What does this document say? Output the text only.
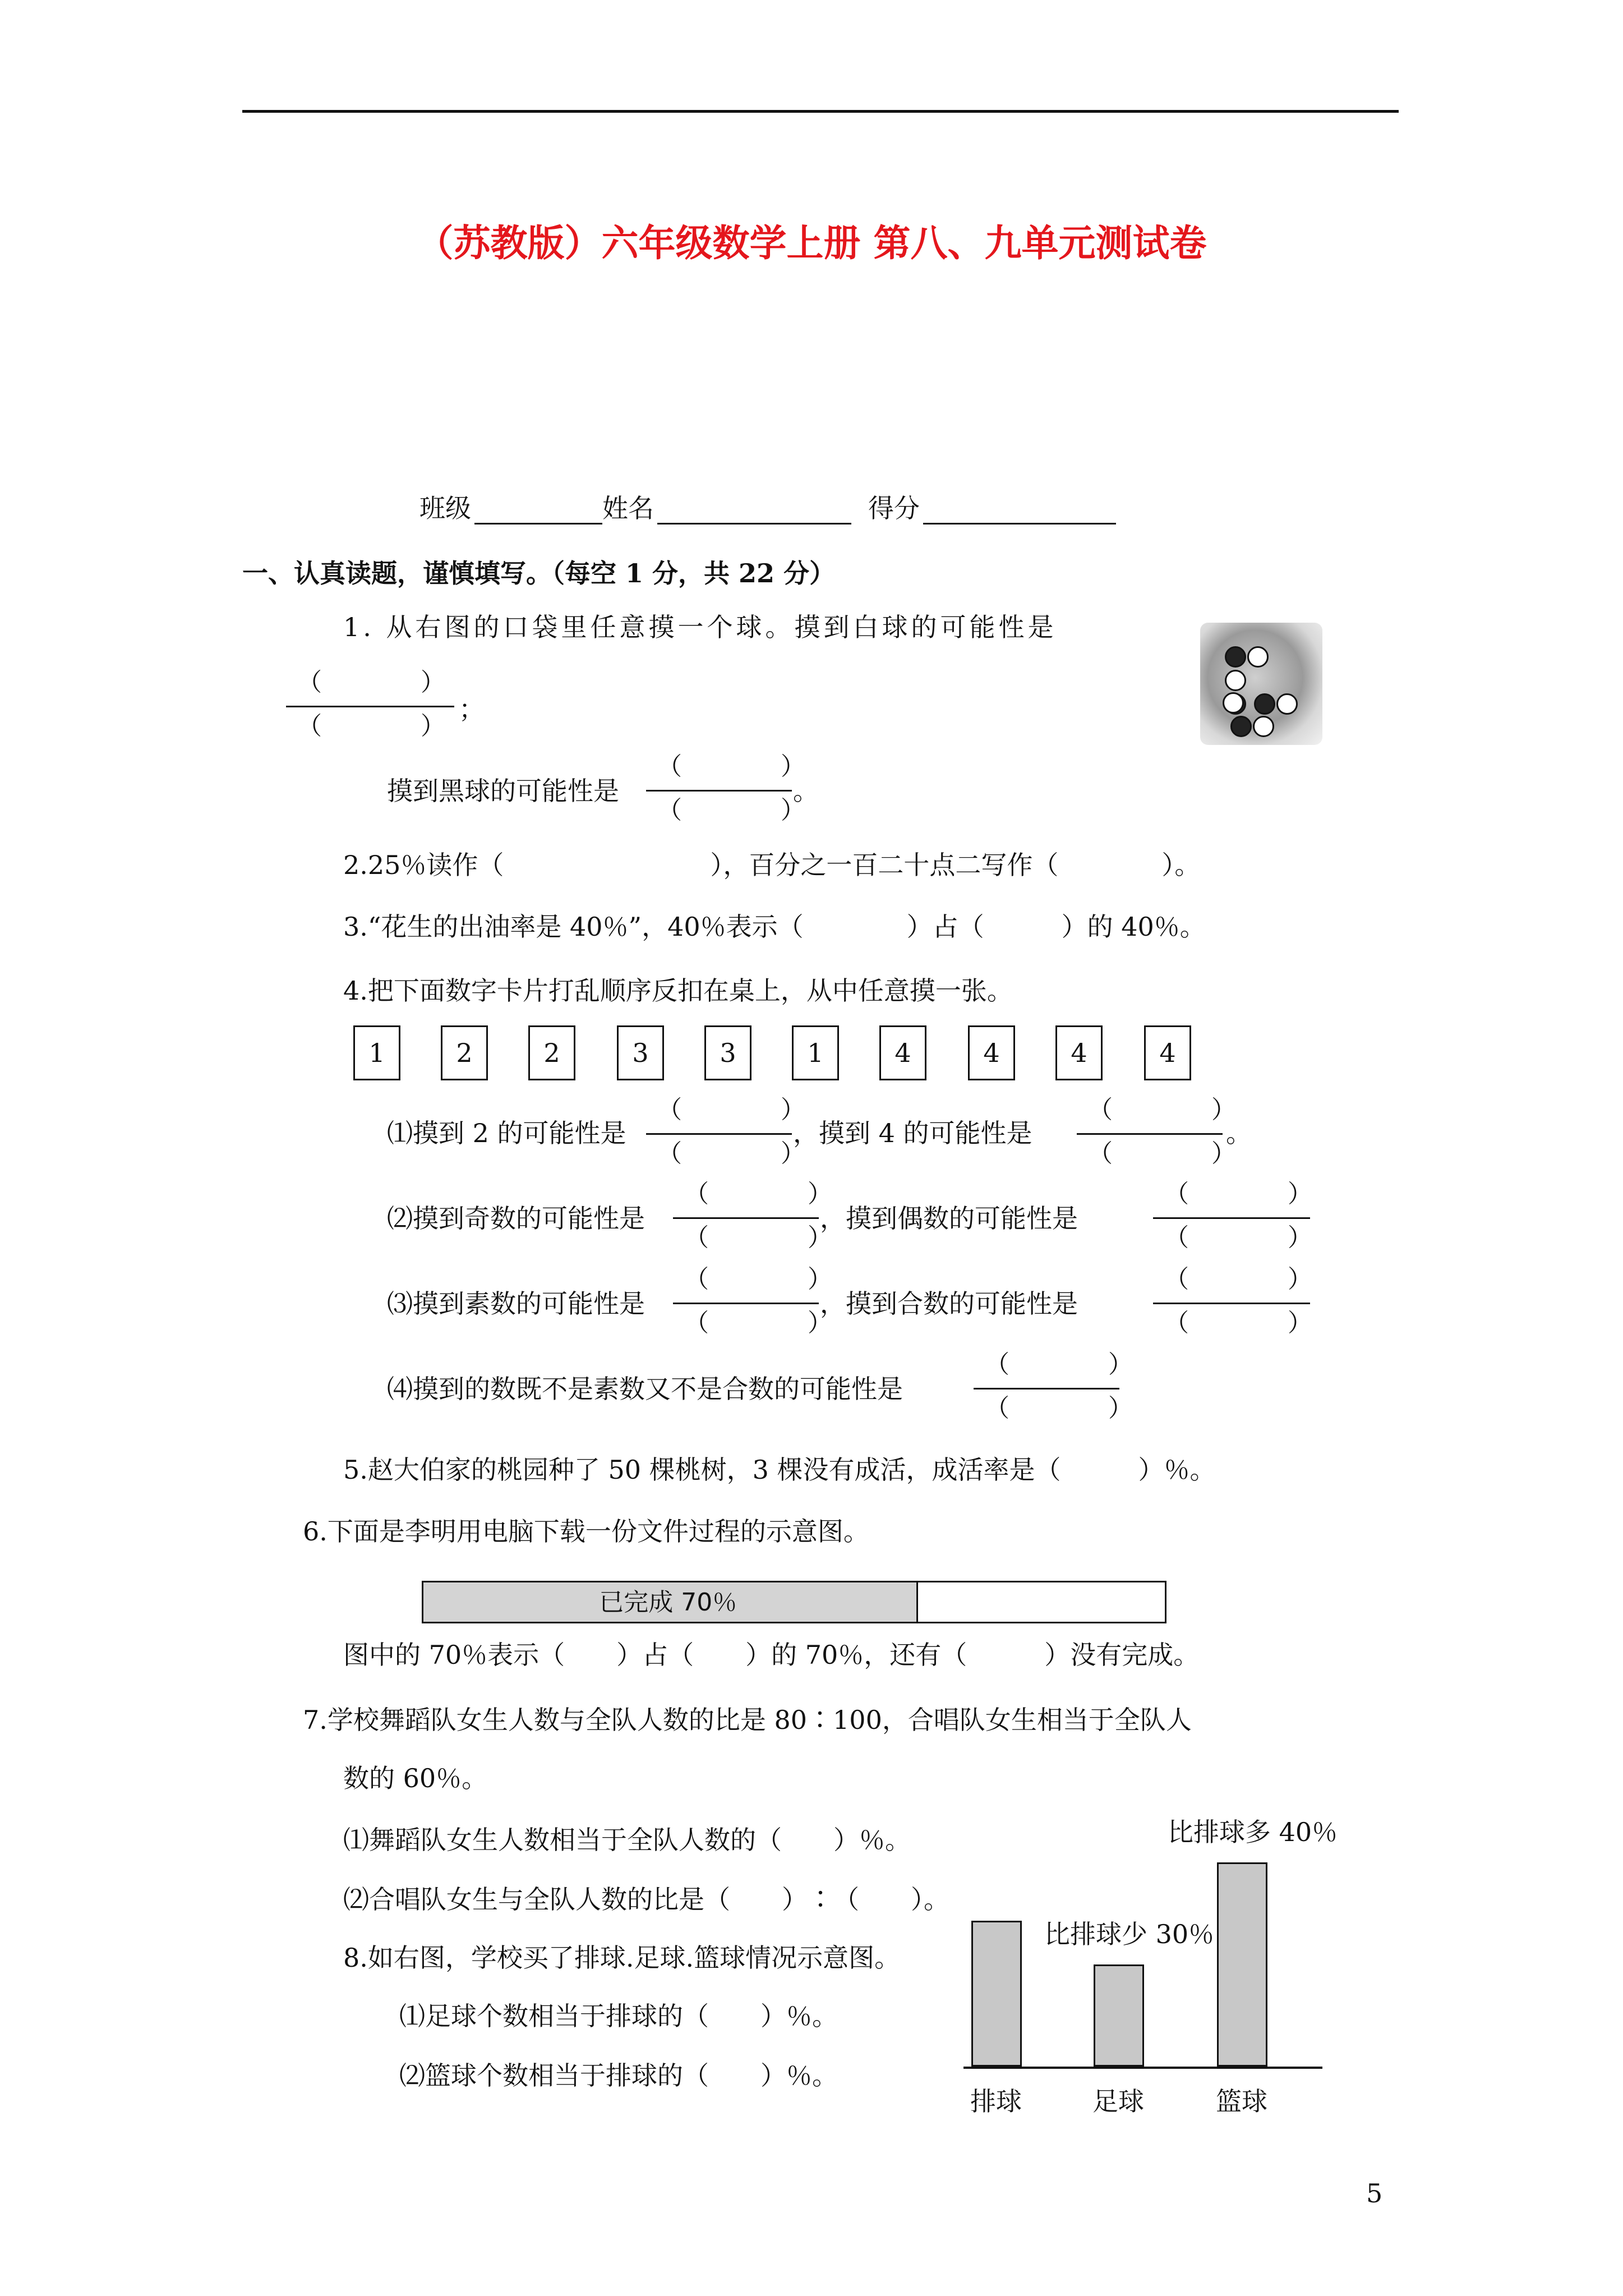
（苏教版）六年级数学上册 第八、九单元测试卷
班级	姓名	得分
一、认真读题，谨慎填写。（每空 1 分，共 22 分）
1. 从右图的口袋里任意摸一个球。摸到白球的可能性是
（　　　　）
（　　　　）
；
摸到黑球的可能性是
（　　　　）
（　　　　）
。
2.25％读作（　　　　　　　　），百分之一百二十点二写作（　　　　）。
3.“花生的出油率是 40％”，40％表示（　　　　）占（　　　）的 40％。
4.把下面数字卡片打乱顺序反扣在桌上，从中任意摸一张。
1	2	2	3	3	1	4	4	4	4
⑴摸到 2 的可能性是
（　　　　）
（　　　　）
，摸到 4 的可能性是
（　　　　）
（　　　　）
。
⑵摸到奇数的可能性是
（　　　　）
（　　　　）
，摸到偶数的可能性是
（　　　　）
（　　　　）
⑶摸到素数的可能性是
（　　　　）
（　　　　）
，摸到合数的可能性是
（　　　　）
（　　　　）
⑷摸到的数既不是素数又不是合数的可能性是
（　　　　）
（　　　　）
5.赵大伯家的桃园种了 50 棵桃树，3 棵没有成活，成活率是（　　　）％。
6.下面是李明用电脑下载一份文件过程的示意图。
已完成 70％
图中的 70％表示（　　）占（　　）的 70％，还有（　　　）没有完成。
7.学校舞蹈队女生人数与全队人数的比是 80∶100，合唱队女生相当于全队人
数的 60％。
⑴舞蹈队女生人数相当于全队人数的（　　）％。
⑵合唱队女生与全队人数的比是（　　）∶（　　）。
8.如右图，学校买了排球.足球.篮球情况示意图。
⑴足球个数相当于排球的（　　）％。
⑵篮球个数相当于排球的（　　）％。
排球	足球	篮球
比排球少 30％
比排球多 40％
5
